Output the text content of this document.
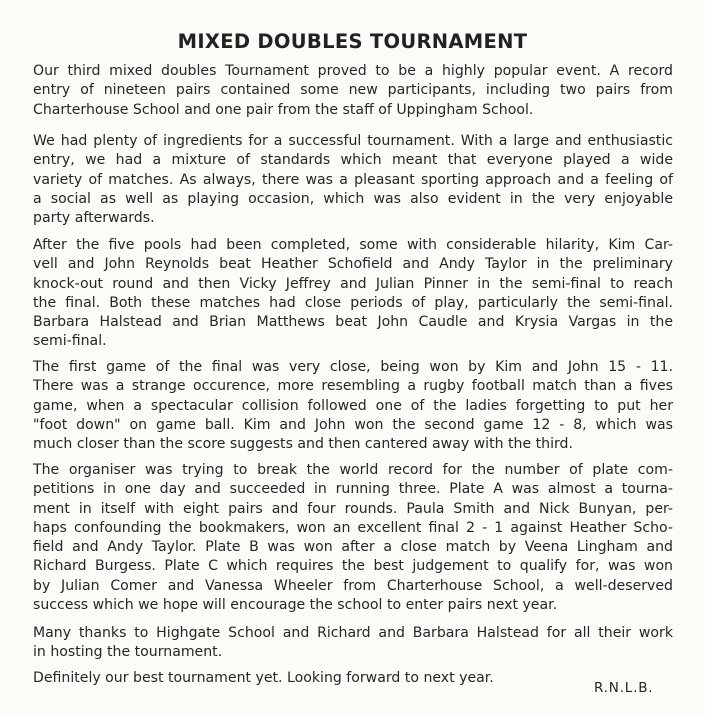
MIXED DOUBLES TOURNAMENT
Our third mixed doubles Tournament proved to be a highly popular event. A record
entry of nineteen pairs contained some new participants, including two pairs from
Charterhouse School and one pair from the staff of Uppingham School.
We had plenty of ingredients for a successful tournament. With a large and enthusiastic
entry, we had a mixture of standards which meant that everyone played a wide
variety of matches. As always, there was a pleasant sporting approach and a feeling of
a social as well as playing occasion, which was also evident in the very enjoyable
party afterwards.
After the five pools had been completed, some with considerable hilarity, Kim Car-
vell and John Reynolds beat Heather Schofield and Andy Taylor in the preliminary
knock-out round and then Vicky Jeffrey and Julian Pinner in the semi-final to reach
the final. Both these matches had close periods of play, particularly the semi-final.
Barbara Halstead and Brian Matthews beat John Caudle and Krysia Vargas in the
semi-final.
The first game of the final was very close, being won by Kim and John 15 - 11.
There was a strange occurence, more resembling a rugby football match than a fives
game, when a spectacular collision followed one of the ladies forgetting to put her
"foot down" on game ball. Kim and John won the second game 12 - 8, which was
much closer than the score suggests and then cantered away with the third.
The organiser was trying to break the world record for the number of plate com-
petitions in one day and succeeded in running three. Plate A was almost a tourna-
ment in itself with eight pairs and four rounds. Paula Smith and Nick Bunyan, per-
haps confounding the bookmakers, won an excellent final 2 - 1 against Heather Scho-
field and Andy Taylor. Plate B was won after a close match by Veena Lingham and
Richard Burgess. Plate C which requires the best judgement to qualify for, was won
by Julian Comer and Vanessa Wheeler from Charterhouse School, a well-deserved
success which we hope will encourage the school to enter pairs next year.
Many thanks to Highgate School and Richard and Barbara Halstead for all their work
in hosting the tournament.
Definitely our best tournament yet. Looking forward to next year.
R.N.L.B.
